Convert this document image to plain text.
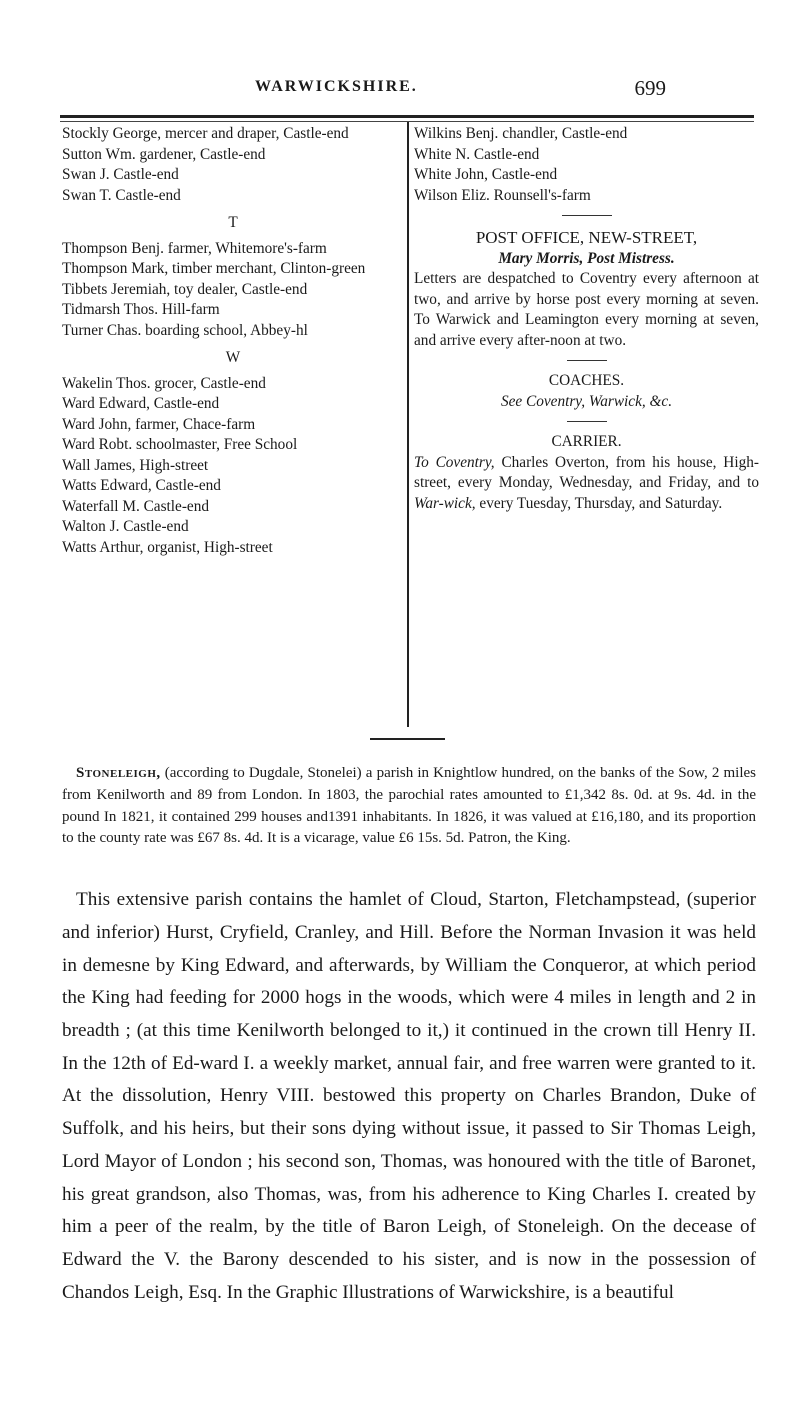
WARWICKSHIRE.	699

Stockly George, mercer and draper, Castle-end

Sutton Wm. gardener, Castle-end

Swan J. Castle-end

Swan T. Castle-end

T

Thompson Benj. farmer, Whitemore's-farm

Thompson Mark, timber merchant, Clinton-green

Tibbets Jeremiah, toy dealer, Castle-end

Tidmarsh Thos. Hill-farm

Turner Chas. boarding school, Abbey-hl

W

Wakelin Thos. grocer, Castle-end

Ward Edward, Castle-end

Ward John, farmer, Chace-farm

Ward Robt. schoolmaster, Free School

Wall James, High-street

Watts Edward, Castle-end

Waterfall M. Castle-end

Walton J. Castle-end

Watts Arthur, organist, High-street

Wilkins Benj. chandler, Castle-end

White N. Castle-end

White John, Castle-end

Wilson Eliz. Rounsell's-farm

POST OFFICE, NEW-STREET,

Mary Morris, Post Mistress.

Letters are despatched to Coventry every afternoon at two, and arrive by horse post every morning at seven. To Warwick and Leamington every morning at seven, and arrive every after-noon at two.

COACHES.

See Coventry, Warwick, &c.

CARRIER.

To Coventry, Charles Overton, from his house, High-street, every Monday, Wednesday, and Friday, and to War-wick, every Tuesday, Thursday, and Saturday.

Stoneleigh, (according to Dugdale, Stonelei) a parish in Knightlow hundred, on the banks of the Sow, 2 miles from Kenilworth and 89 from London. In 1803, the parochial rates amounted to £1,342 8s. 0d. at 9s. 4d. in the pound In 1821, it contained 299 houses and1391 inhabitants. In 1826, it was valued at £16,180, and its proportion to the county rate was £67 8s. 4d. It is a vicarage, value £6 15s. 5d. Patron, the King.

This extensive parish contains the hamlet of Cloud, Starton, Fletchampstead, (superior and inferior) Hurst, Cryfield, Cranley, and Hill. Before the Norman Invasion it was held in demesne by King Edward, and afterwards, by William the Conqueror, at which period the King had feeding for 2000 hogs in the woods, which were 4 miles in length and 2 in breadth ; (at this time Kenilworth belonged to it,) it continued in the crown till Henry II. In the 12th of Ed-ward I. a weekly market, annual fair, and free warren were granted to it. At the dissolution, Henry VIII. bestowed this property on Charles Brandon, Duke of Suffolk, and his heirs, but their sons dying without issue, it passed to Sir Thomas Leigh, Lord Mayor of London ; his second son, Thomas, was honoured with the title of Baronet, his great grandson, also Thomas, was, from his adherence to King Charles I. created by him a peer of the realm, by the title of Baron Leigh, of Stoneleigh. On the decease of Edward the V. the Barony descended to his sister, and is now in the possession of Chandos Leigh, Esq. In the Graphic Illustrations of Warwickshire, is a beautiful
